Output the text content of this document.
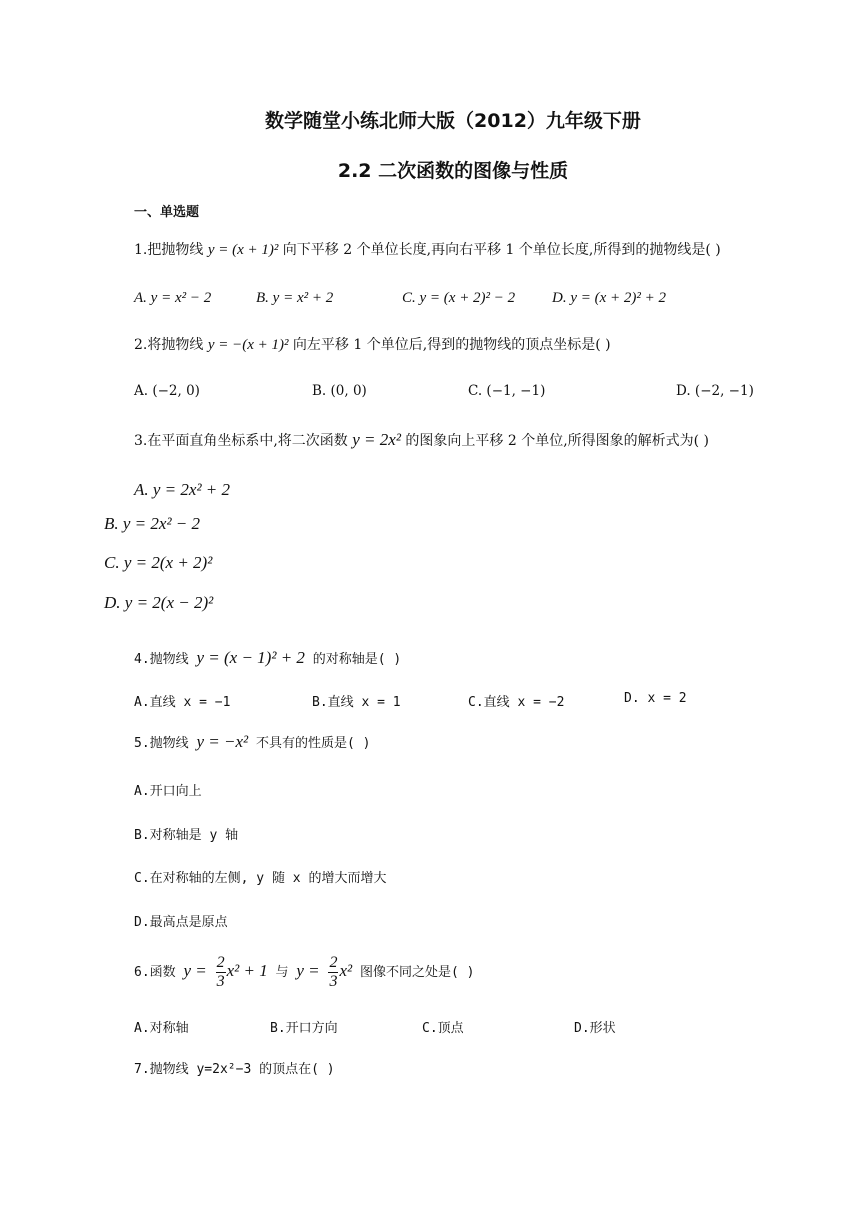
数学随堂小练北师大版（2012）九年级下册
2.2 二次函数的图像与性质
一、单选题
1.把抛物线 y = (x + 1)² 向下平移 2 个单位长度,再向右平移 1 个单位长度,所得到的抛物线是( )
A. y = x² − 2	B. y = x² + 2	C. y = (x + 2)² − 2 D. y = (x + 2)² + 2
2.将抛物线 y = −(x + 1)² 向左平移 1 个单位后,得到的抛物线的顶点坐标是( )
A. (−2, 0)	B. (0, 0)	C. (−1, −1)	D. (−2, −1)
3.在平面直角坐标系中,将二次函数 y = 2x² 的图象向上平移 2 个单位,所得图象的解析式为( )
A. y = 2x² + 2
B. y = 2x² − 2
C. y = 2(x + 2)²
D. y = 2(x − 2)²
4.抛物线 y = (x − 1)² + 2 的对称轴是( )
A.直线 x = −1	B.直线 x = 1	C.直线 x = −2	D. x = 2
5.抛物线 y = −x² 不具有的性质是( )
A.开口向上
B.对称轴是 y 轴
C.在对称轴的左侧, y 随 x 的增大而增大
D.最高点是原点
6.函数 $y = \frac{2}{3} x^2 + 1$ 与 $y = \frac{2}{3} x^2$ 图像不同之处是( )
A.对称轴	B.开口方向	C.顶点	D.形状
7.抛物线 y=2x²−3 的顶点在( )
